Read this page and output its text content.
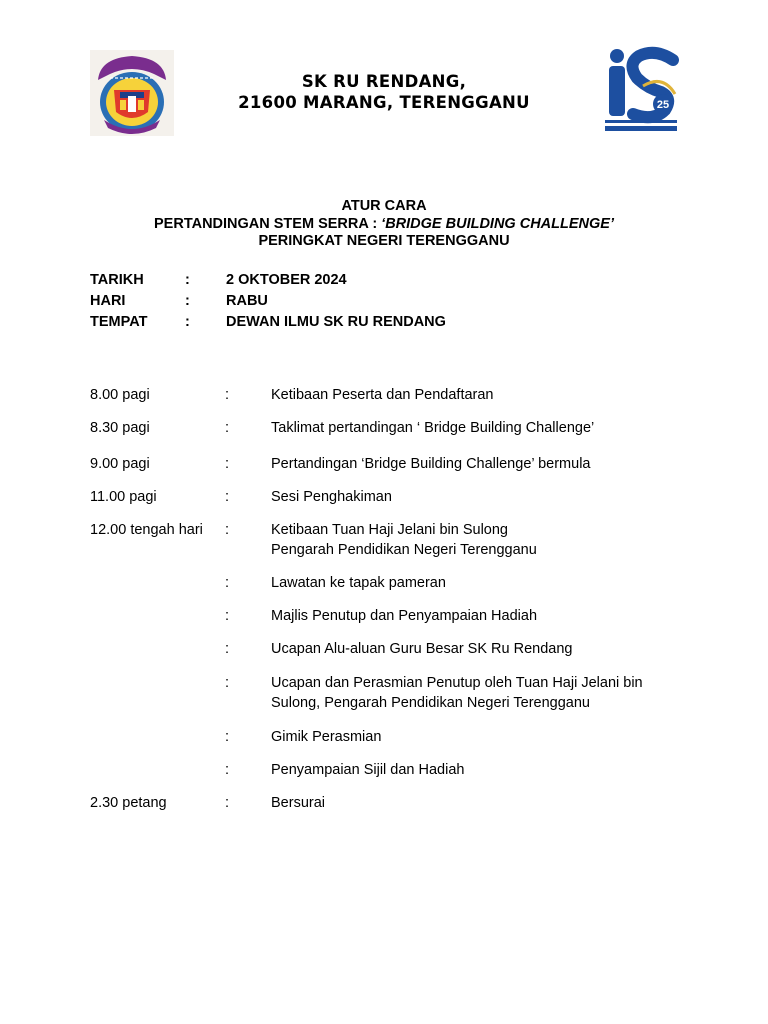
SK RU RENDANG,
21600 MARANG, TERENGGANU	25
ATUR CARA
PERTANDINGAN STEM SERRA : ‘BRIDGE BUILDING CHALLENGE’
PERINGKAT NEGERI TERENGGANU
TARIKH	: 2 OKTOBER 2024
HARI	: RABU
TEMPAT	: DEWAN ILMU SK RU RENDANG
8.00 pagi	:	Ketibaan Peserta dan Pendaftaran
8.30 pagi	:	Taklimat pertandingan ‘ Bridge Building Challenge’
9.00 pagi	:	Pertandingan ‘Bridge Building Challenge’ bermula
11.00 pagi	:	Sesi Penghakiman
12.00 tengah hari :	Ketibaan Tuan Haji Jelani bin Sulong
Pengarah Pendidikan Negeri Terengganu
:	Lawatan ke tapak pameran
:	Majlis Penutup dan Penyampaian Hadiah
:	Ucapan Alu-aluan Guru Besar SK Ru Rendang
:	Ucapan dan Perasmian Penutup oleh Tuan Haji Jelani bin
Sulong, Pengarah Pendidikan Negeri Terengganu
:	Gimik Perasmian
:	Penyampaian Sijil dan Hadiah
2.30 petang	:	Bersurai
